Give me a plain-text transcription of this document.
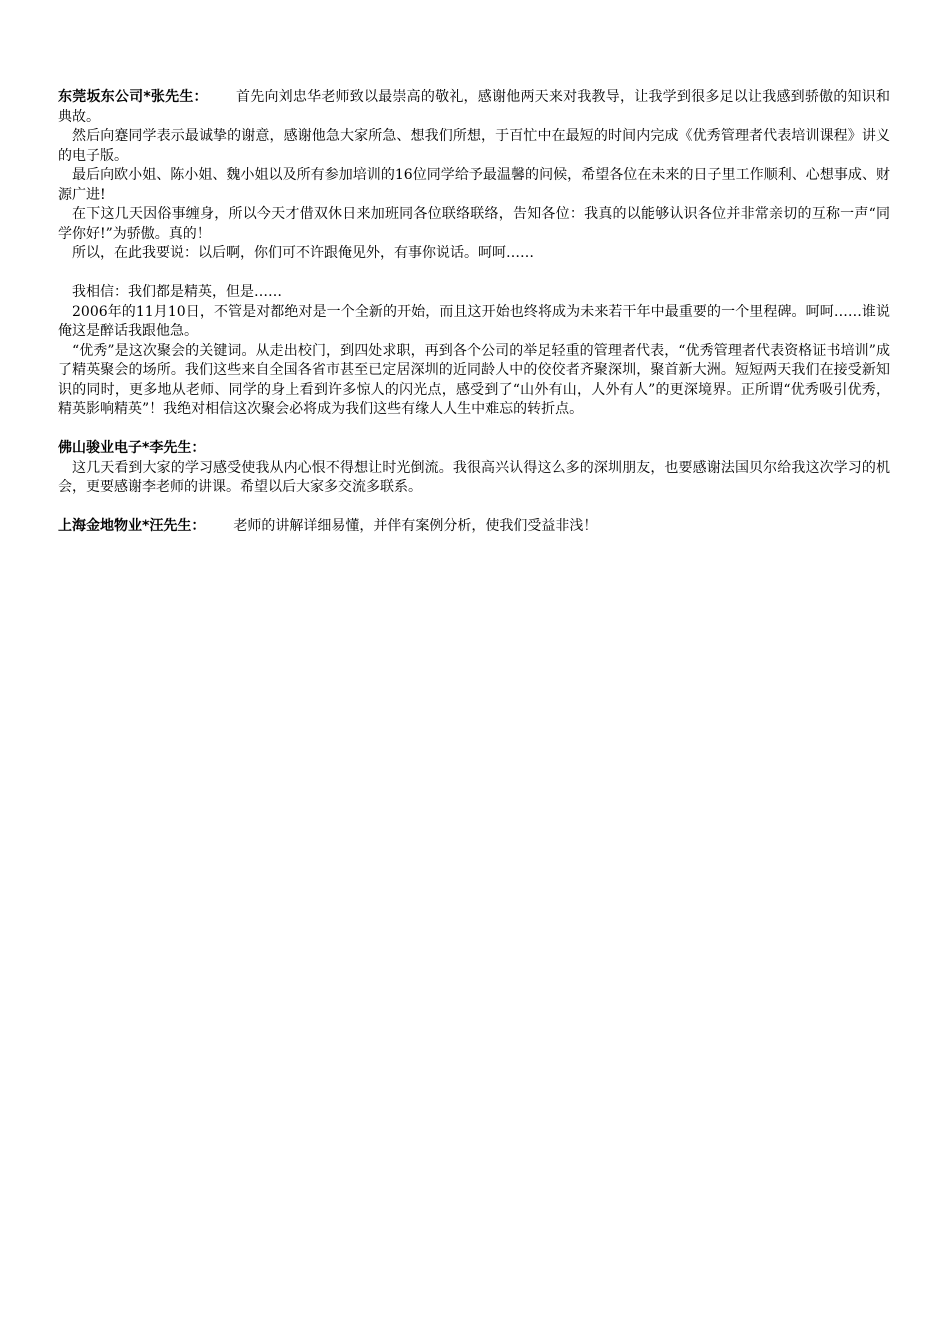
东莞坂东公司*张先生： 首先向刘忠华老师致以最崇高的敬礼，感谢他两天来对我教导，让我学到很多足以让我感到骄傲的知识和典故。

然后向蹇同学表示最诚挚的谢意，感谢他急大家所急、想我们所想，于百忙中在最短的时间内完成《优秀管理者代表培训课程》讲义的电子版。

最后向欧小姐、陈小姐、魏小姐以及所有参加培训的16位同学给予最温馨的问候，希望各位在未来的日子里工作顺利、心想事成、财源广进!

在下这几天因俗事缠身，所以今天才借双休日来加班同各位联络联络，告知各位：我真的以能够认识各位并非常亲切的互称一声“同学你好!”为骄傲。真的！

所以，在此我要说：以后啊，你们可不许跟俺见外，有事你说话。呵呵……

我相信：我们都是精英，但是……

2006年的11月10日，不管是对都绝对是一个全新的开始，而且这开始也终将成为未来若干年中最重要的一个里程碑。呵呵……谁说俺这是醉话我跟他急。

“优秀”是这次聚会的关键词。从走出校门，到四处求职，再到各个公司的举足轻重的管理者代表，“优秀管理者代表资格证书培训”成了精英聚会的场所。我们这些来自全国各省市甚至已定居深圳的近同龄人中的佼佼者齐聚深圳，聚首新大洲。短短两天我们在接受新知识的同时，更多地从老师、同学的身上看到许多惊人的闪光点，感受到了“山外有山，人外有人”的更深境界。正所谓“优秀吸引优秀，精英影响精英”！我绝对相信这次聚会必将成为我们这些有缘人人生中难忘的转折点。

佛山骏业电子*李先生：

这几天看到大家的学习感受使我从内心恨不得想让时光倒流。我很高兴认得这么多的深圳朋友，也要感谢法国贝尔给我这次学习的机会，更要感谢李老师的讲课。希望以后大家多交流多联系。

上海金地物业*汪先生： 老师的讲解详细易懂，并伴有案例分析，使我们受益非浅！
